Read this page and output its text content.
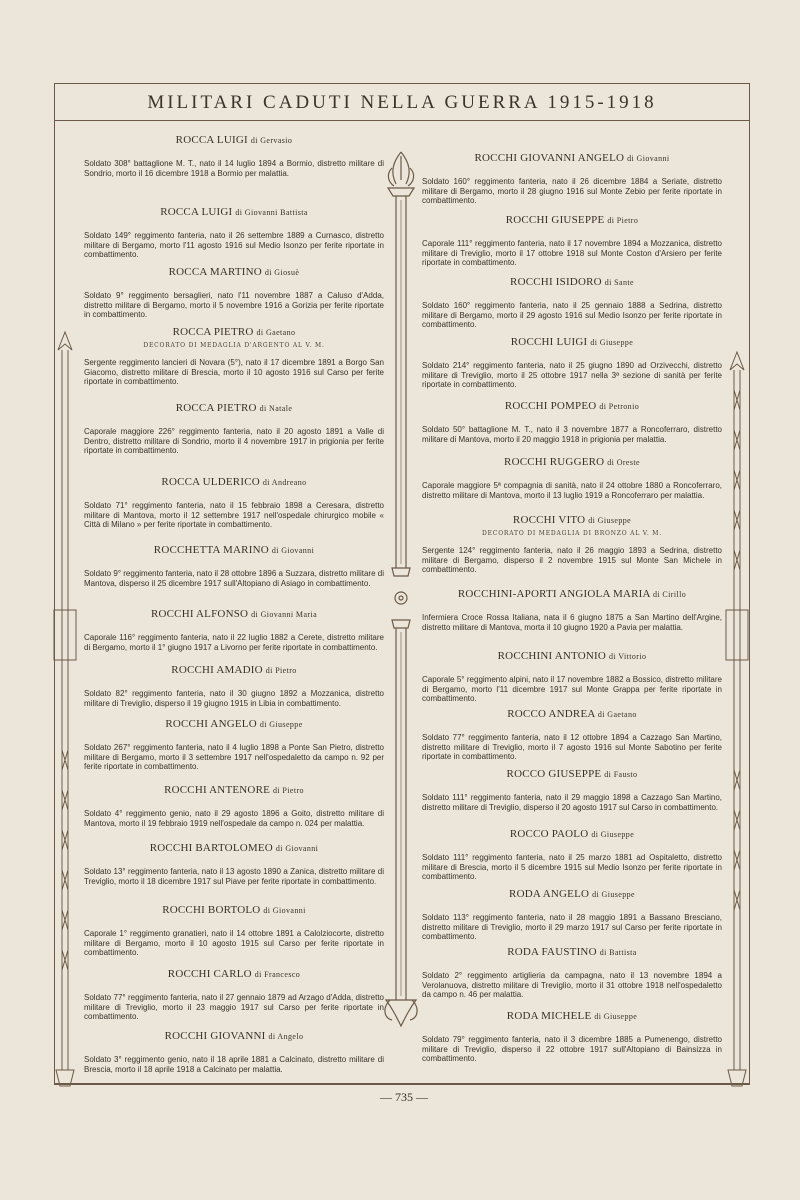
MILITARI CADUTI NELLA GUERRA 1915-1918
ROCCA LUIGI di Gervasio
Soldato 308° battaglione M. T., nato il 14 luglio 1894 a Bormio, distretto militare di Sondrio, morto il 16 dicembre 1918 a Bormio per malattia.
ROCCA LUIGI di Giovanni Battista
Soldato 149° reggimento fanteria, nato il 26 settembre 1889 a Curnasco, distretto militare di Bergamo, morto l'11 agosto 1916 sul Medio Isonzo per ferite riportate in combattimento.
ROCCA MARTINO di Giosuè
Soldato 9° reggimento bersaglieri, nato l'11 novembre 1887 a Caluso d'Adda, distretto militare di Bergamo, morto il 5 novembre 1916 a Gorizia per ferite riportate in combattimento.
ROCCA PIETRO di Gaetano
DECORATO DI MEDAGLIA D'ARGENTO AL V. M.
Sergente reggimento lancieri di Novara (5°), nato il 17 dicembre 1891 a Borgo San Giacomo, distretto militare di Brescia, morto il 10 agosto 1916 sul Carso per ferite riportate in combattimento.
ROCCA PIETRO di Natale
Caporale maggiore 226° reggimento fanteria, nato il 20 agosto 1891 a Valle di Dentro, distretto militare di Sondrio, morto il 4 novembre 1917 in prigionia per ferite riportate in combattimento.
ROCCA ULDERICO di Andreano
Soldato 71° reggimento fanteria, nato il 15 febbraio 1898 a Ceresara, distretto militare di Mantova, morto il 12 settembre 1917 nell'ospedale chirurgico mobile « Città di Milano » per ferite riportate in combattimento.
ROCCHETTA MARINO di Giovanni
Soldato 9° reggimento fanteria, nato il 28 ottobre 1896 a Suzzara, distretto militare di Mantova, disperso il 25 dicembre 1917 sull'Altopiano di Asiago in combattimento.
ROCCHI ALFONSO di Giovanni Maria
Caporale 116° reggimento fanteria, nato il 22 luglio 1882 a Cerete, distretto militare di Bergamo, morto il 1° giugno 1917 a Livorno per ferite riportate in combattimento.
ROCCHI AMADIO di Pietro
Soldato 82° reggimento fanteria, nato il 30 giugno 1892 a Mozzanica, distretto militare di Treviglio, disperso il 19 giugno 1915 in Libia in combattimento.
ROCCHI ANGELO di Giuseppe
Soldato 267° reggimento fanteria, nato il 4 luglio 1898 a Ponte San Pietro, distretto militare di Bergamo, morto il 3 settembre 1917 nell'ospedaletto da campo n. 92 per ferite riportate in combattimento.
ROCCHI ANTENORE di Pietro
Soldato 4° reggimento genio, nato il 29 agosto 1896 a Goito, distretto militare di Mantova, morto il 19 febbraio 1919 nell'ospedale da campo n. 024 per malattia.
ROCCHI BARTOLOMEO di Giovanni
Soldato 13° reggimento fanteria, nato il 13 agosto 1890 a Zanica, distretto militare di Treviglio, morto il 18 dicembre 1917 sul Piave per ferite riportate in combattimento.
ROCCHI BORTOLO di Giovanni
Caporale 1° reggimento granatieri, nato il 14 ottobre 1891 a Calolziocorte, distretto militare di Bergamo, morto il 10 agosto 1915 sul Carso per ferite riportate in combattimento.
ROCCHI CARLO di Francesco
Soldato 77° reggimento fanteria, nato il 27 gennaio 1879 ad Arzago d'Adda, distretto militare di Treviglio, morto il 23 maggio 1917 sul Carso per ferite riportate in combattimento.
ROCCHI GIOVANNI di Angelo
Soldato 3° reggimento genio, nato il 18 aprile 1881 a Calcinato, distretto militare di Brescia, morto il 18 aprile 1918 a Calcinato per malattia.
ROCCHI GIOVANNI ANGELO di Giovanni
Soldato 160° reggimento fanteria, nato il 26 dicembre 1884 a Seriate, distretto militare di Bergamo, morto il 28 giugno 1916 sul Monte Zebio per ferite riportate in combattimento.
ROCCHI GIUSEPPE di Pietro
Caporale 111° reggimento fanteria, nato il 17 novembre 1894 a Mozzanica, distretto militare di Treviglio, morto il 17 ottobre 1918 sul Monte Coston d'Arsiero per ferite riportate in combattimento.
ROCCHI ISIDORO di Sante
Soldato 160° reggimento fanteria, nato il 25 gennaio 1888 a Sedrina, distretto militare di Bergamo, morto il 29 agosto 1916 sul Medio Isonzo per ferite riportate in combattimento.
ROCCHI LUIGI di Giuseppe
Soldato 214° reggimento fanteria, nato il 25 giugno 1890 ad Orzivecchi, distretto militare di Treviglio, morto il 25 ottobre 1917 nella 3ª sezione di sanità per ferite riportate in combattimento.
ROCCHI POMPEO di Petronio
Soldato 50° battaglione M. T., nato il 3 novembre 1877 a Roncoferraro, distretto militare di Mantova, morto il 20 maggio 1918 in prigionia per malattia.
ROCCHI RUGGERO di Oreste
Caporale maggiore 5ª compagnia di sanità, nato il 24 ottobre 1880 a Roncoferraro, distretto militare di Mantova, morto il 13 luglio 1919 a Roncoferraro per malattia.
ROCCHI VITO di Giuseppe
DECORATO DI MEDAGLIA DI BRONZO AL V. M.
Sergente 124° reggimento fanteria, nato il 26 maggio 1893 a Sedrina, distretto militare di Bergamo, disperso il 2 novembre 1915 sul Monte San Michele in combattimento.
ROCCHINI-APORTI ANGIOLA MARIA di Cirillo
Infermiera Croce Rossa Italiana, nata il 6 giugno 1875 a San Martino dell'Argine, distretto militare di Mantova, morta il 10 giugno 1920 a Pavia per malattia.
ROCCHINI ANTONIO di Vittorio
Caporale 5° reggimento alpini, nato il 17 novembre 1882 a Bossico, distretto militare di Bergamo, morto l'11 dicembre 1917 sul Monte Grappa per ferite riportate in combattimento.
ROCCO ANDREA di Gaetano
Soldato 77° reggimento fanteria, nato il 12 ottobre 1894 a Cazzago San Martino, distretto militare di Treviglio, morto il 7 agosto 1916 sul Monte Sabotino per ferite riportate in combattimento.
ROCCO GIUSEPPE di Fausto
Soldato 111° reggimento fanteria, nato il 29 maggio 1898 a Cazzago San Martino, distretto militare di Treviglio, disperso il 20 agosto 1917 sul Carso in combattimento.
ROCCO PAOLO di Giuseppe
Soldato 111° reggimento fanteria, nato il 25 marzo 1881 ad Ospitaletto, distretto militare di Brescia, morto il 5 dicembre 1915 sul Medio Isonzo per ferite riportate in combattimento.
RODA ANGELO di Giuseppe
Soldato 113° reggimento fanteria, nato il 28 maggio 1891 a Bassano Bresciano, distretto militare di Treviglio, morto il 29 marzo 1917 sul Carso per ferite riportate in combattimento.
RODA FAUSTINO di Battista
Soldato 2° reggimento artiglieria da campagna, nato il 13 novembre 1894 a Verolanuova, distretto militare di Treviglio, morto il 31 ottobre 1918 nell'ospedaletto da campo n. 46 per malattia.
RODA MICHELE di Giuseppe
Soldato 79° reggimento fanteria, nato il 3 dicembre 1885 a Pumenengo, distretto militare di Treviglio, disperso il 22 ottobre 1917 sull'Altopiano di Bainsizza in combattimento.
— 735 —
